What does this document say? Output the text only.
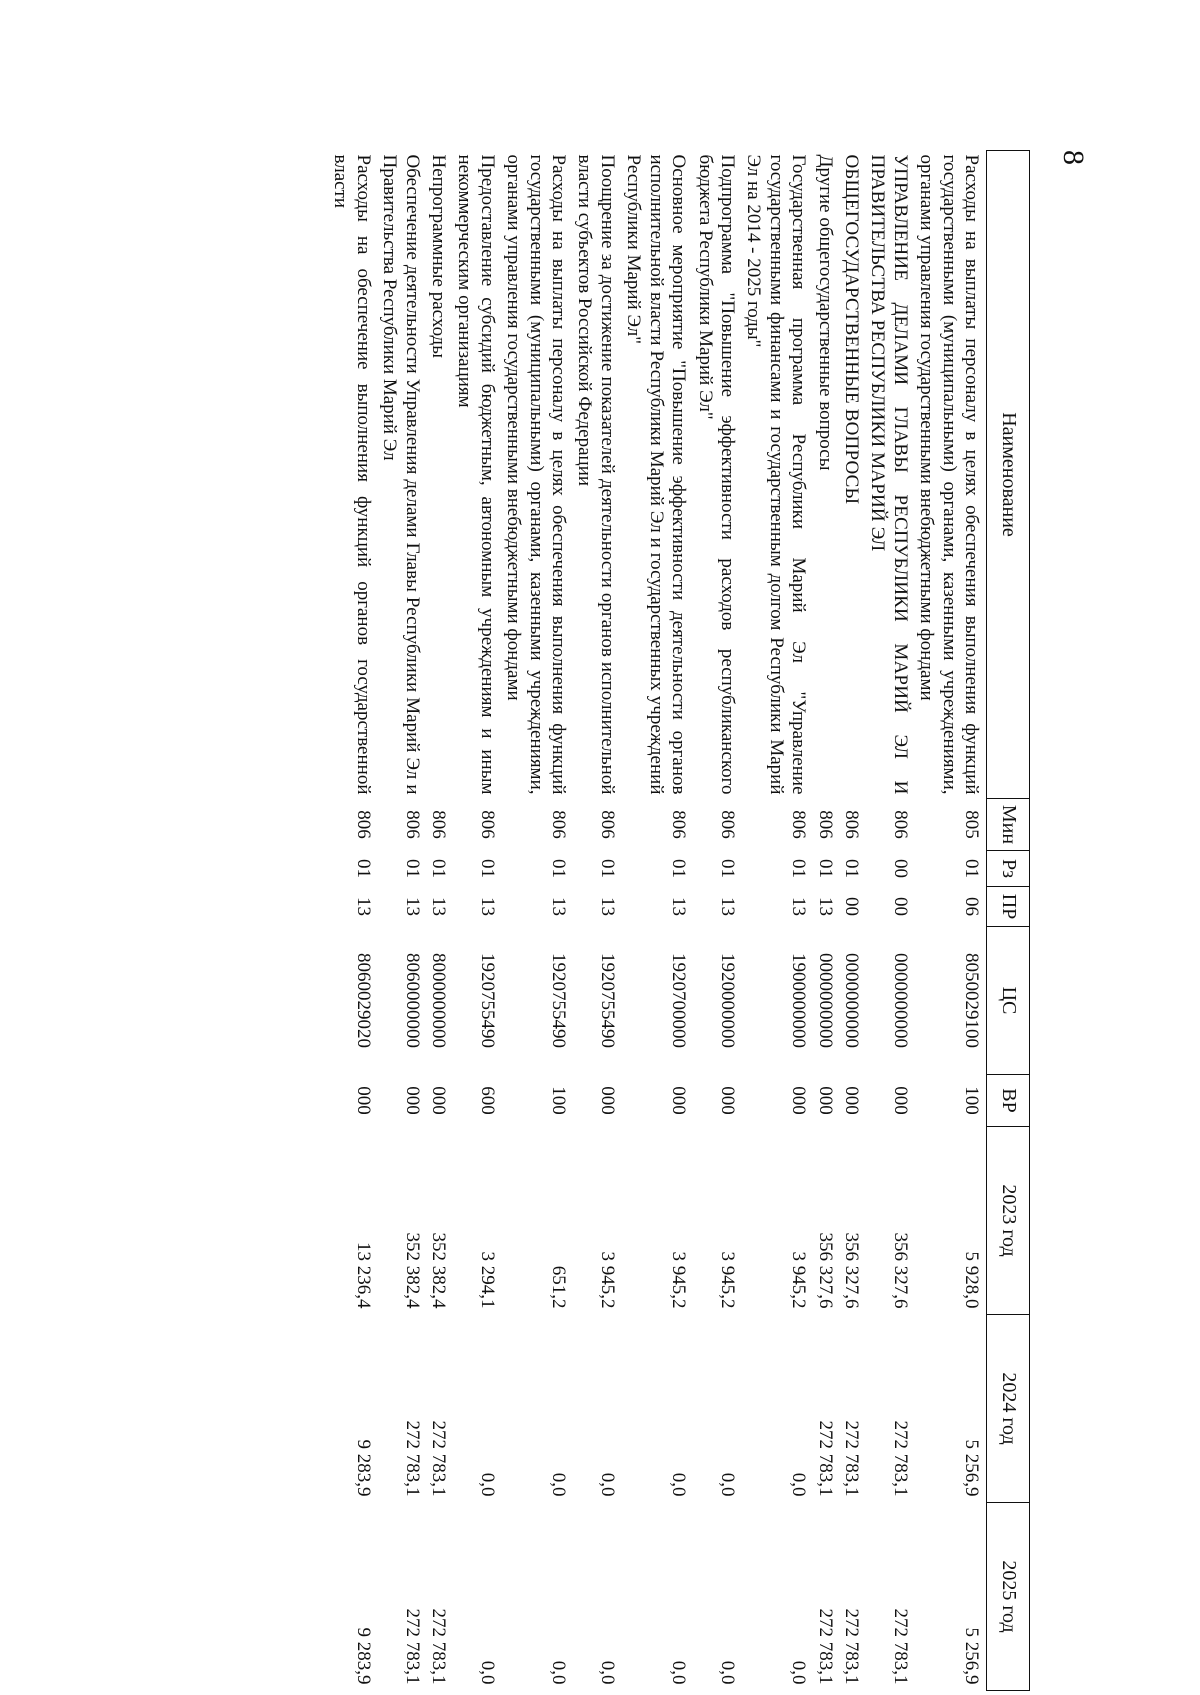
8
Наименование	Мин	Рз	ПР	ЦС	ВР	2023 год	2024 год	2025 год
Расходы на выплаты персоналу в целях обеспечения выполнения функций государственными (муниципальными) органами, казенными учреждениями, органами управления государственными внебюджетными фондами	805	01	06	8050029100	100	5 928,0	5 256,9	5 256,9
УПРАВЛЕНИЕ ДЕЛАМИ ГЛАВЫ РЕСПУБЛИКИ МАРИЙ ЭЛ И ПРАВИТЕЛЬСТВА РЕСПУБЛИКИ МАРИЙ ЭЛ	806	00	00	0000000000	000	356 327,6	272 783,1	272 783,1
ОБЩЕГОСУДАРСТВЕННЫЕ ВОПРОСЫ	806	01	00	0000000000	000	356 327,6	272 783,1	272 783,1
Другие общегосударственные вопросы	806	01	13	0000000000	000	356 327,6	272 783,1	272 783,1
Государственная программа Республики Марий Эл "Управление государственными финансами и государственным долгом Республики Марий Эл на 2014 - 2025 годы"	806	01	13	1900000000	000	3 945,2	0,0	0,0
Подпрограмма "Повышение эффективности расходов республиканского бюджета Республики Марий Эл"	806	01	13	1920000000	000	3 945,2	0,0	0,0
Основное мероприятие "Повышение эффективности деятельности органов исполнительной власти Республики Марий Эл и государственных учреждений Республики Марий Эл"	806	01	13	1920700000	000	3 945,2	0,0	0,0
Поощрение за достижение показателей деятельности органов исполнительной власти субъектов Российской Федерации	806	01	13	1920755490	000	3 945,2	0,0	0,0
Расходы на выплаты персоналу в целях обеспечения выполнения функций государственными (муниципальными) органами, казенными учреждениями, органами управления государственными внебюджетными фондами	806	01	13	1920755490	100	651,2	0,0	0,0
Предоставление субсидий бюджетным, автономным учреждениям и иным некоммерческим организациям	806	01	13	1920755490	600	3 294,1	0,0	0,0
Непрограммные расходы	806	01	13	8000000000	000	352 382,4	272 783,1	272 783,1
Обеспечение деятельности Управления делами Главы Республики Марий Эл и Правительства Республики Марий Эл	806	01	13	8060000000	000	352 382,4	272 783,1	272 783,1
Расходы на обеспечение выполнения функций органов государственной власти	806	01	13	8060029020	000	13 236,4	9 283,9	9 283,9
